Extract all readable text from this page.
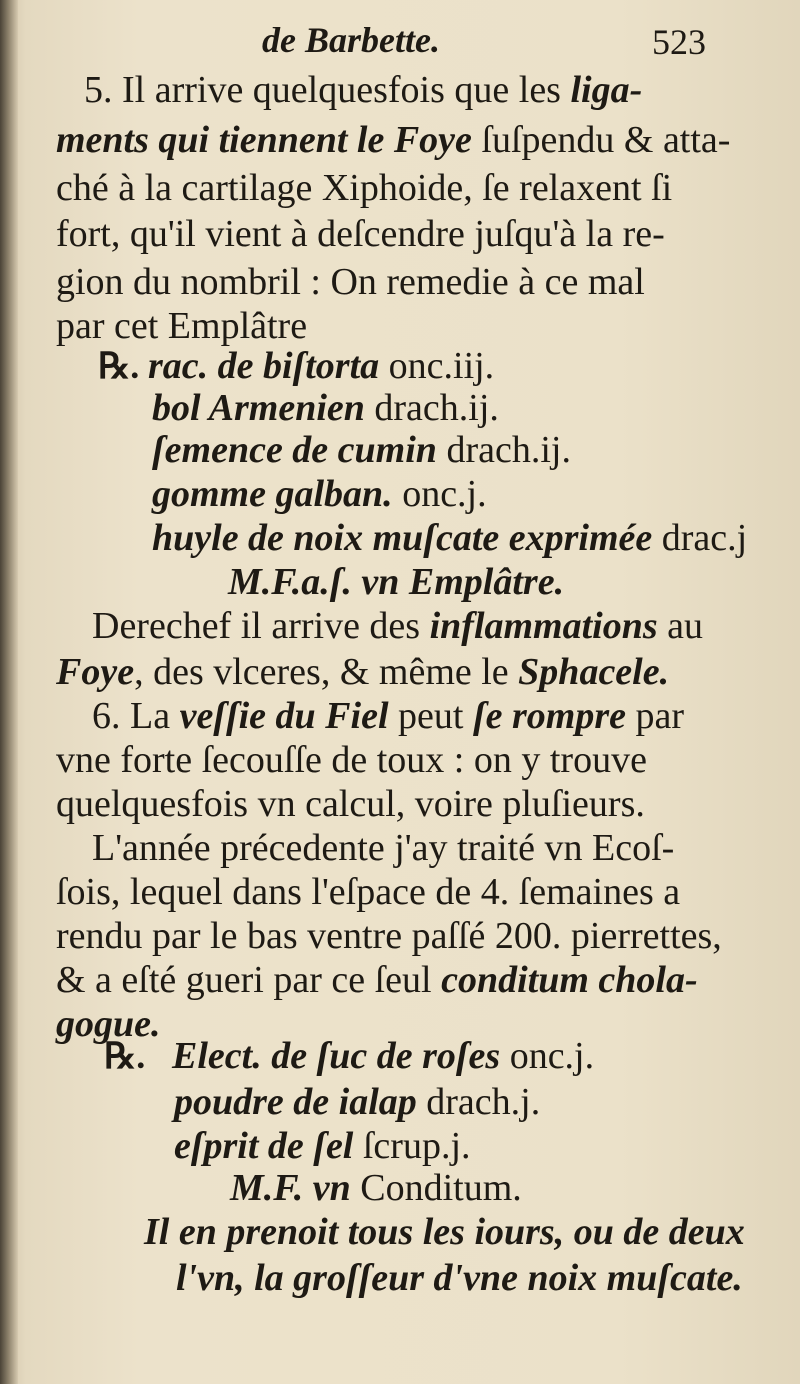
de Barbette.	523
5. Il arrive quelquesfois que les liga-
ments qui tiennent le Foye ſuſpendu & atta-
ché à la cartilage Xiphoide, ſe relaxent ſi
fort, qu'il vient à deſcendre juſqu'à la re-
gion du nombril : On remedie à ce mal
par cet Emplâtre
℞. rac. de biſtorta onc.iij.
bol Armenien drach.ij.
ſemence de cumin drach.ij.
gomme galban. onc.j.
huyle de noix muſcate exprimée drac.j
M.F.a.ſ. vn Emplâtre.
Derechef il arrive des inflammations au
Foye, des vlceres, & même le Sphacele.
6. La veſſie du Fiel peut ſe rompre par
vne forte ſecouſſe de toux : on y trouve
quelquesfois vn calcul, voire pluſieurs.
L'année précedente j'ay traité vn Ecoſ-
ſois, lequel dans l'eſpace de 4. ſemaines a
rendu par le bas ventre paſſé 200. pierrettes,
& a eſté gueri par ce ſeul conditum chola-
gogue.
℞. Elect. de ſuc de roſes onc.j.
poudre de ialap drach.j.
eſprit de ſel ſcrup.j.
M.F. vn Conditum.
Il en prenoit tous les iours, ou de deux
l'vn, la groſſeur d'vne noix muſcate.
